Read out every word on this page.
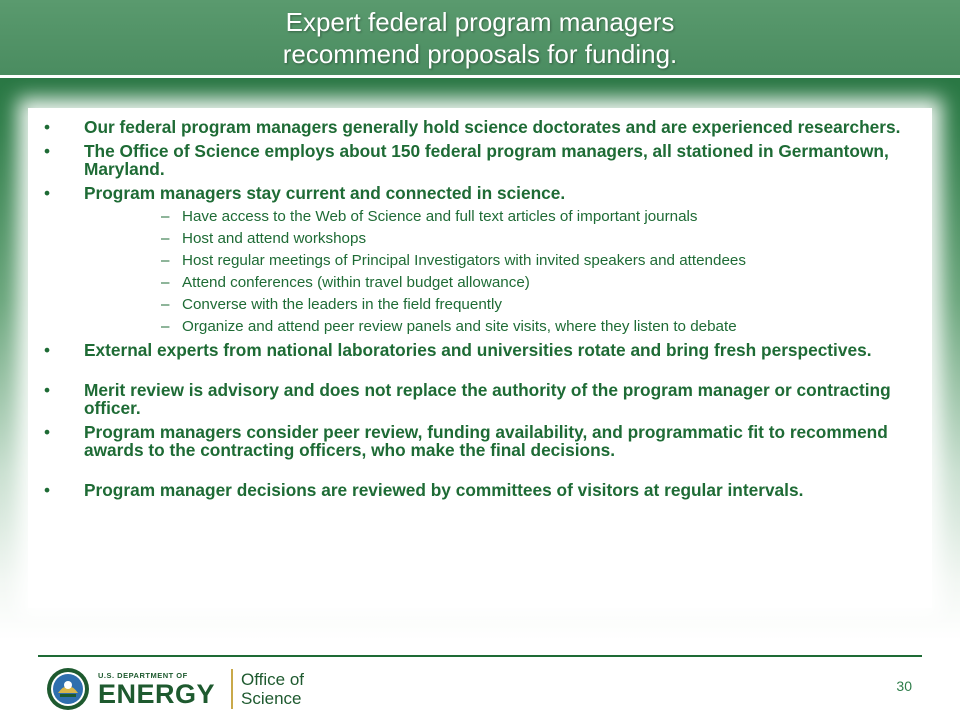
Expert federal program managers
recommend proposals for funding.
• Our federal program managers generally hold science doctorates and are experienced researchers.
• The Office of Science employs about 150 federal program managers, all stationed in Germantown, Maryland.
• Program managers stay current and connected in science.
– Have access to the Web of Science and full text articles of important journals
– Host and attend workshops
– Host regular meetings of Principal Investigators with invited speakers and attendees
– Attend conferences (within travel budget allowance)
– Converse with the leaders in the field frequently
– Organize and attend peer review panels and site visits, where they listen to debate
• External experts from national laboratories and universities rotate and bring fresh perspectives.
• Merit review is advisory and does not replace the authority of the program manager or contracting officer.
• Program managers consider peer review, funding availability, and programmatic fit to recommend awards to the contracting officers, who make the final decisions.
• Program manager decisions are reviewed by committees of visitors at regular intervals.
U.S. DEPARTMENT OF
ENERGY Office of
Science
30
